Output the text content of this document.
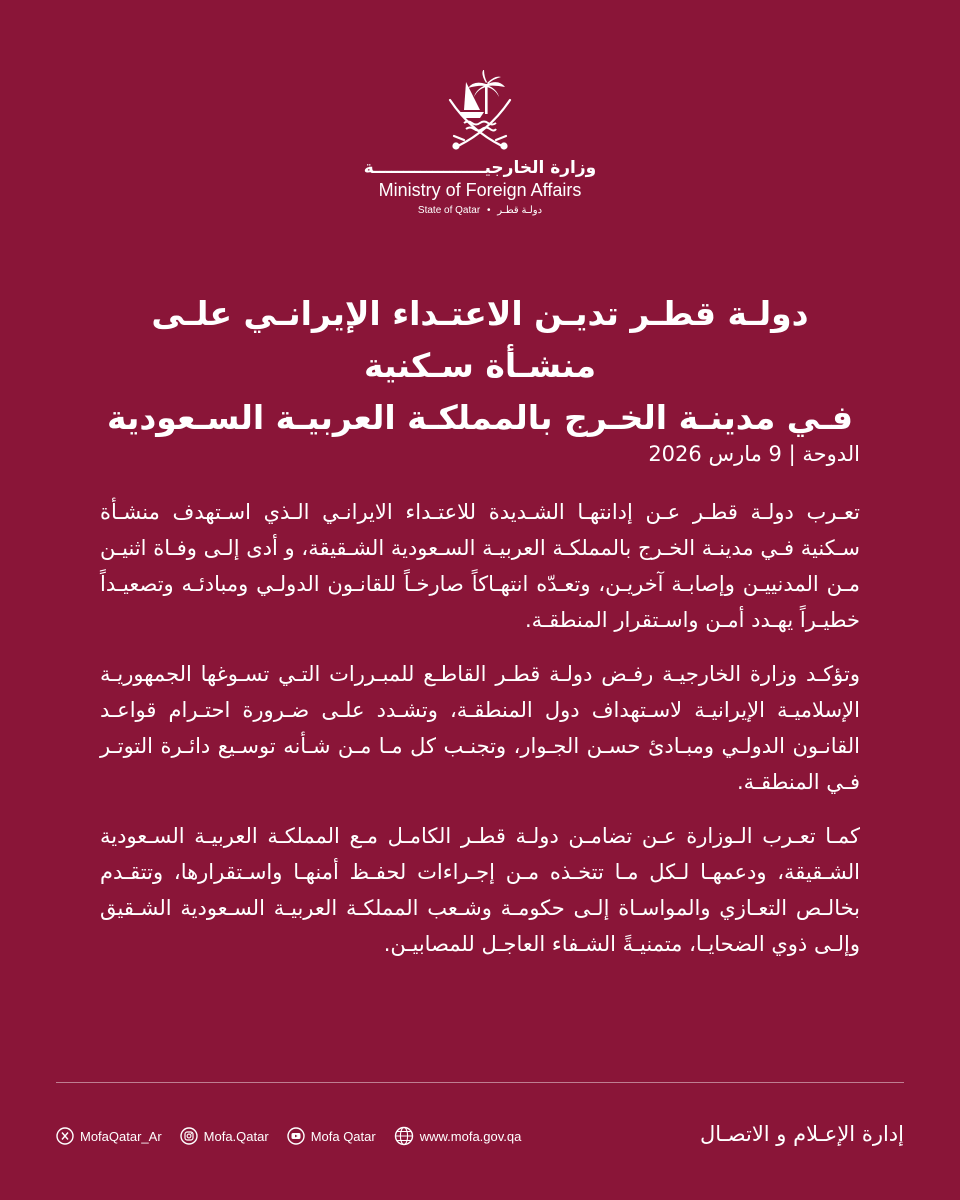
وزارة الخارجيـــــــــــــــــــة
Ministry of Foreign Affairs
State of Qatar • دولـة قطـر
دولـة قطـر تديـن الاعتـداء الإيرانـي علـى منشـأة سـكنية
فـي مدينـة الخـرج بالمملكـة العربيـة السـعودية

الدوحة | 9 مارس 2026

تعـرب دولـة قطـر عـن إدانتهـا الشـديدة للاعتـداء الايرانـي الـذي اسـتهدف منشـأة سـكنية فـي مدينـة الخـرج بالمملكـة العربيـة السـعودية الشـقيقة، و أدى إلـى وفـاة اثنيـن مـن المدنييـن وإصابـة آخريـن، وتعـدّه انتهـاكاً صارخـاً للقانـون الدولـي ومبادئـه وتصعيـداً خطيـراً يهـدد أمـن واسـتقرار المنطقـة.

وتؤكـد وزارة الخارجيـة رفـض دولـة قطـر القاطـع للمبـررات التـي تسـوغها الجمهوريـة الإسلاميـة الإيرانيـة لاسـتهداف دول المنطقـة، وتشـدد علـى ضـرورة احتـرام قواعـد القانـون الدولـي ومبـادئ حسـن الجـوار، وتجنـب كل مـا مـن شـأنه توسـيع دائـرة التوتـر فـي المنطقـة.

كمـا تعـرب الـوزارة عـن تضامـن دولـة قطـر الكامـل مـع المملكـة العربيـة السـعودية الشـقيقة، ودعمهـا لـكل مـا تتخـذه مـن إجـراءات لحفـظ أمنهـا واسـتقرارها، وتتقـدم بخالـص التعـازي والمواسـاة إلـى حكومـة وشـعب المملكـة العربيـة السـعودية الشـقيق وإلـى ذوي الضحايـا، متمنيـةً الشـفاء العاجـل للمصابيـن.

إدارة الإعـلام و الاتصـال
MofaQatar_Ar	Mofa.Qatar	Mofa Qatar	www.mofa.gov.qa
